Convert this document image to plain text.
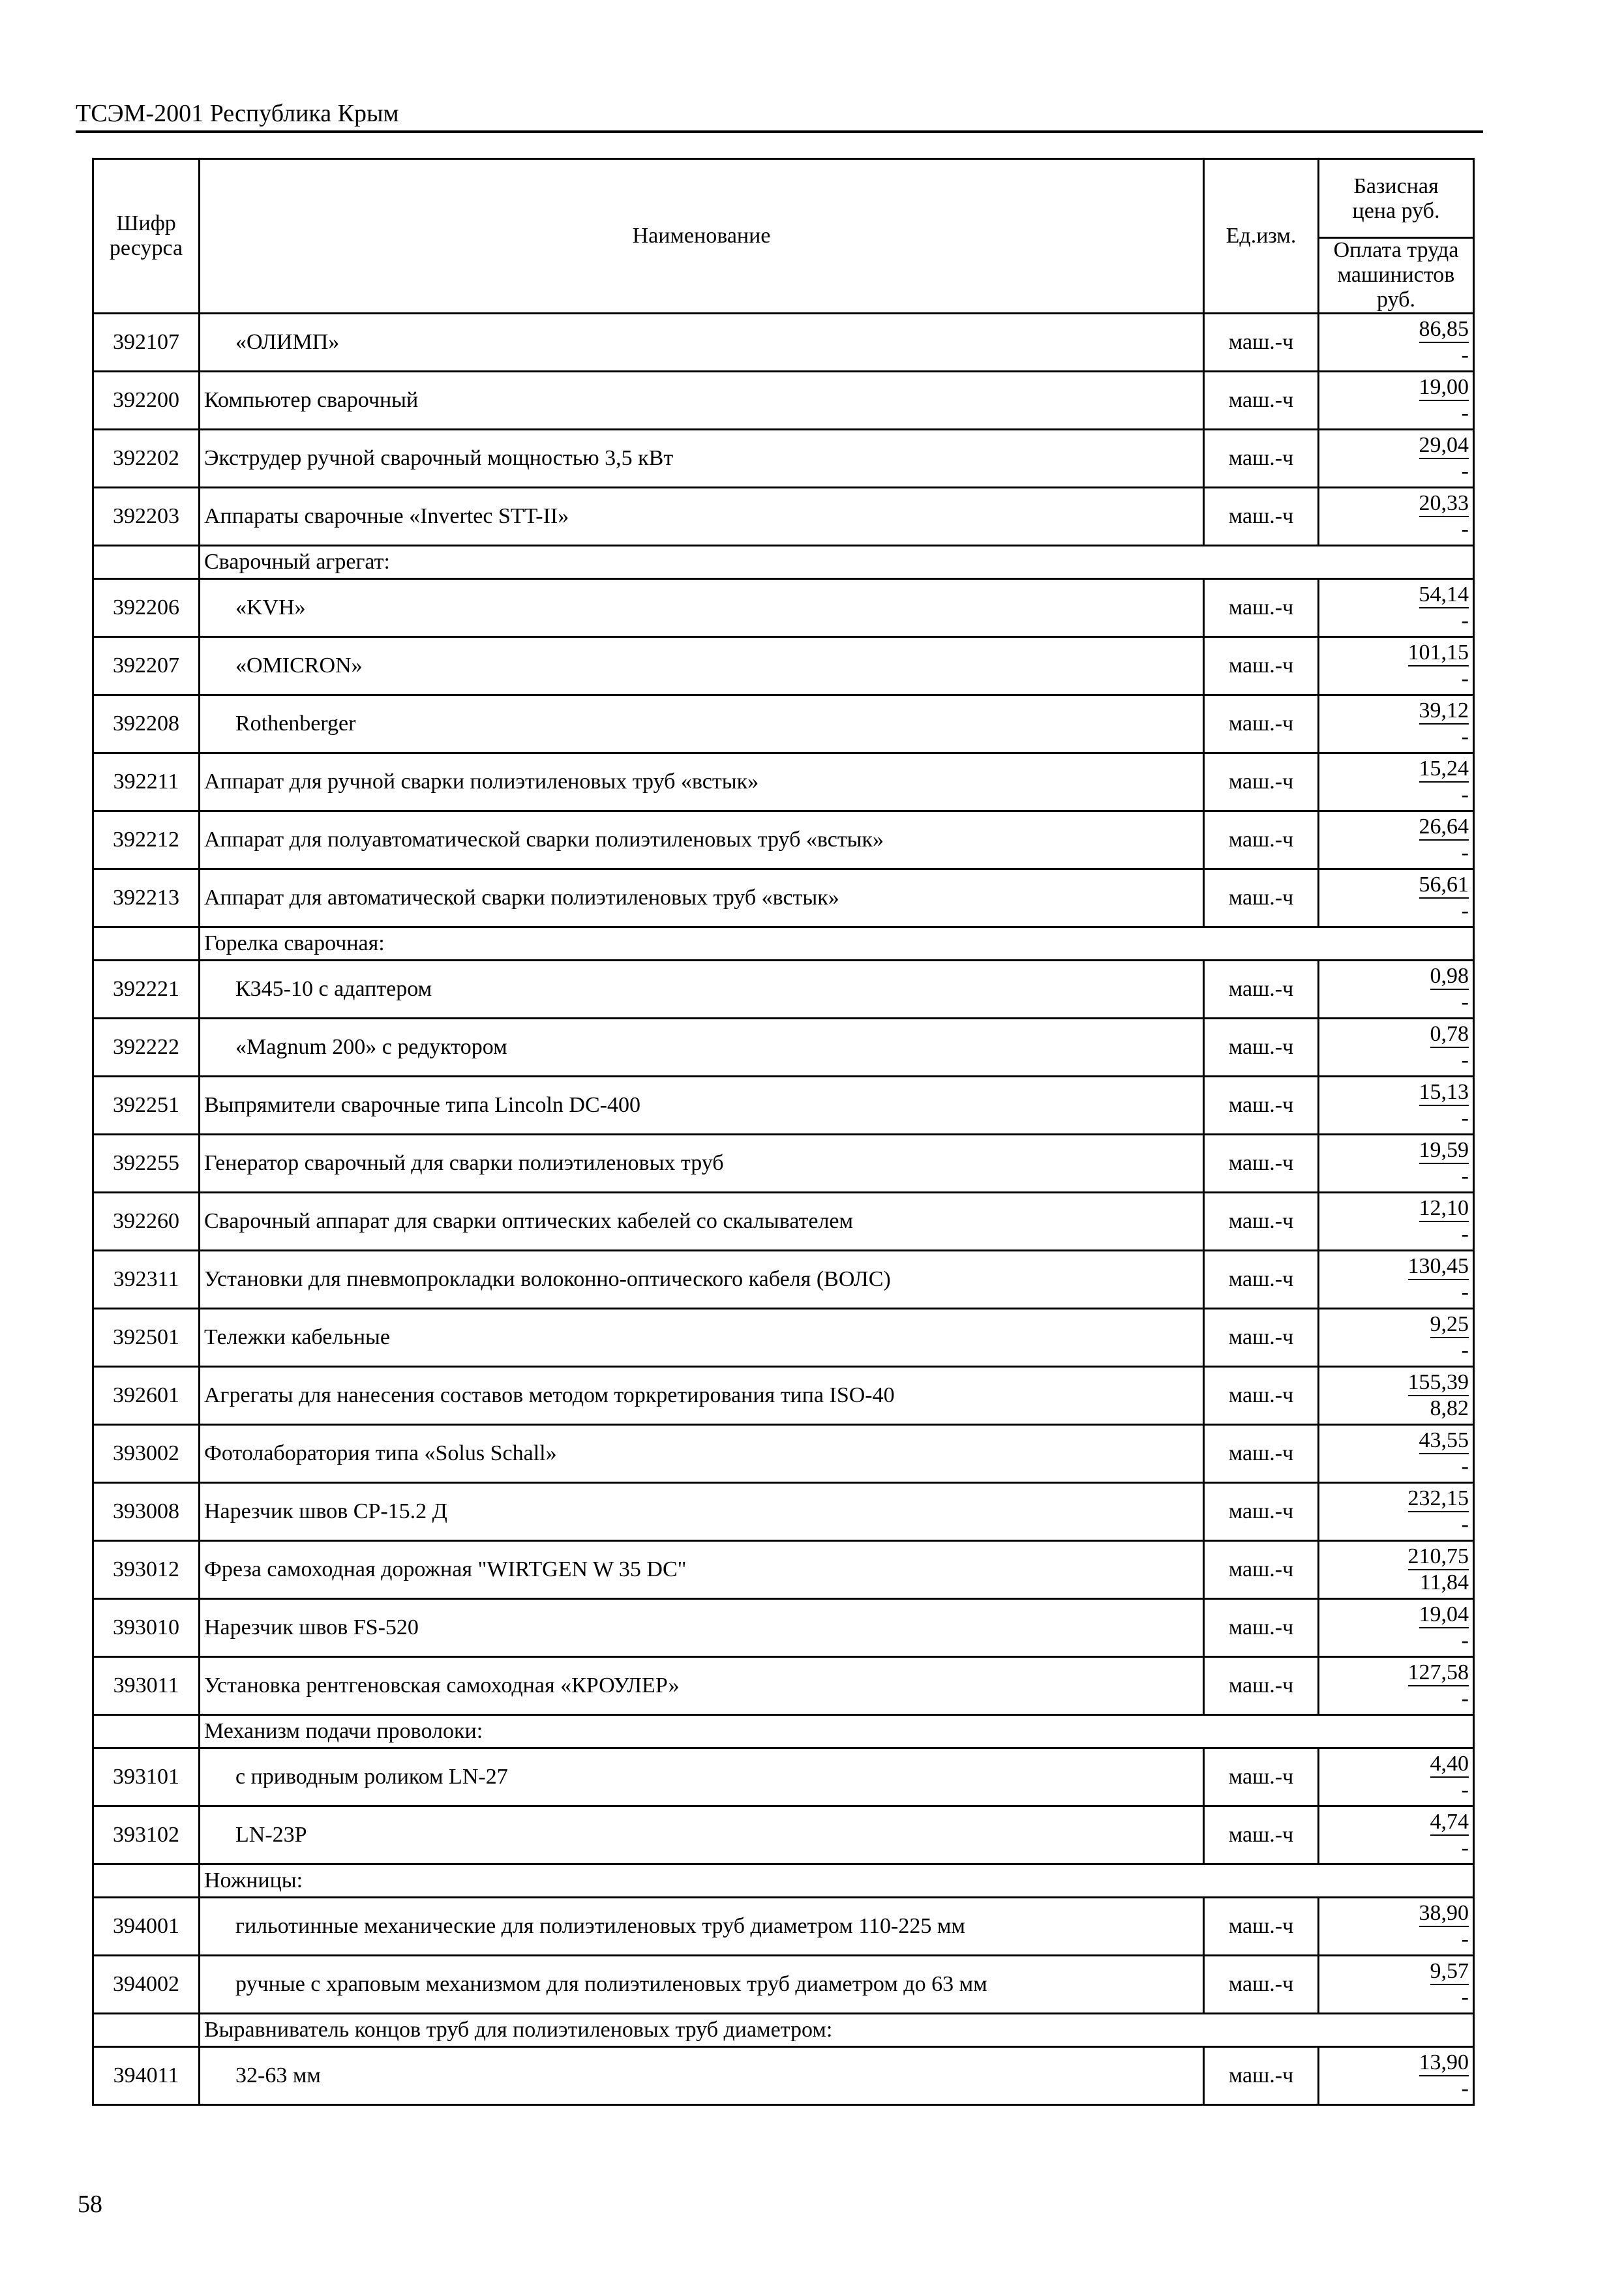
ТСЭМ-2001 Республика Крым
Шифр ресурса	Наименование	Ед.изм.	Базисная цена руб.
Оплата труда машинистов руб.

392107	«ОЛИМП»	маш.-ч	86,85
-

392200	Компьютер сварочный	маш.-ч	19,00
-

392202	Экструдер ручной сварочный мощностью 3,5 кВт	маш.-ч	29,04
-

392203	Аппараты сварочные «Invertec STT-II»	маш.-ч	20,33
-

	Сварочный агрегат:		
392206	«KVH»	маш.-ч	54,14
-

392207	«OMICRON»	маш.-ч	101,15
-

392208	Rothenberger	маш.-ч	39,12
-

392211	Аппарат для ручной сварки полиэтиленовых труб «встык»	маш.-ч	15,24
-

392212	Аппарат для полуавтоматической сварки полиэтиленовых труб «встык»	маш.-ч	26,64
-

392213	Аппарат для автоматической сварки полиэтиленовых труб «встык»	маш.-ч	56,61
-

	Горелка сварочная:		
392221	К345-10 с адаптером	маш.-ч	0,98
-

392222	«Magnum 200» с редуктором	маш.-ч	0,78
-

392251	Выпрямители сварочные типа Lincoln DC-400	маш.-ч	15,13
-

392255	Генератор сварочный для сварки полиэтиленовых труб	маш.-ч	19,59
-

392260	Сварочный аппарат для сварки оптических кабелей со скалывателем	маш.-ч	12,10
-

392311	Установки для пневмопрокладки волоконно-оптического кабеля (ВОЛС)	маш.-ч	130,45
-

392501	Тележки кабельные	маш.-ч	9,25
-

392601	Агрегаты для нанесения составов методом торкретирования типа ISO-40	маш.-ч	155,39
8,82

393002	Фотолаборатория типа «Solus Schall»	маш.-ч	43,55
-

393008	Нарезчик швов CP-15.2 Д	маш.-ч	232,15
-

393012	Фреза самоходная дорожная "WIRTGEN W 35 DC"	маш.-ч	210,75
11,84

393010	Нарезчик швов FS-520	маш.-ч	19,04
-

393011	Установка рентгеновская самоходная «КРОУЛЕР»	маш.-ч	127,58
-

	Механизм подачи проволоки:		
393101	с приводным роликом LN-27	маш.-ч	4,40
-

393102	LN-23P	маш.-ч	4,74
-

	Ножницы:		
394001	гильотинные механические для полиэтиленовых труб диаметром 110-225 мм	маш.-ч	38,90
-

394002	ручные с храповым механизмом для полиэтиленовых труб диаметром до 63 мм	маш.-ч	9,57
-

	Выравниватель концов труб для полиэтиленовых труб диаметром:		
394011	32-63 мм	маш.-ч	13,90
-
58
